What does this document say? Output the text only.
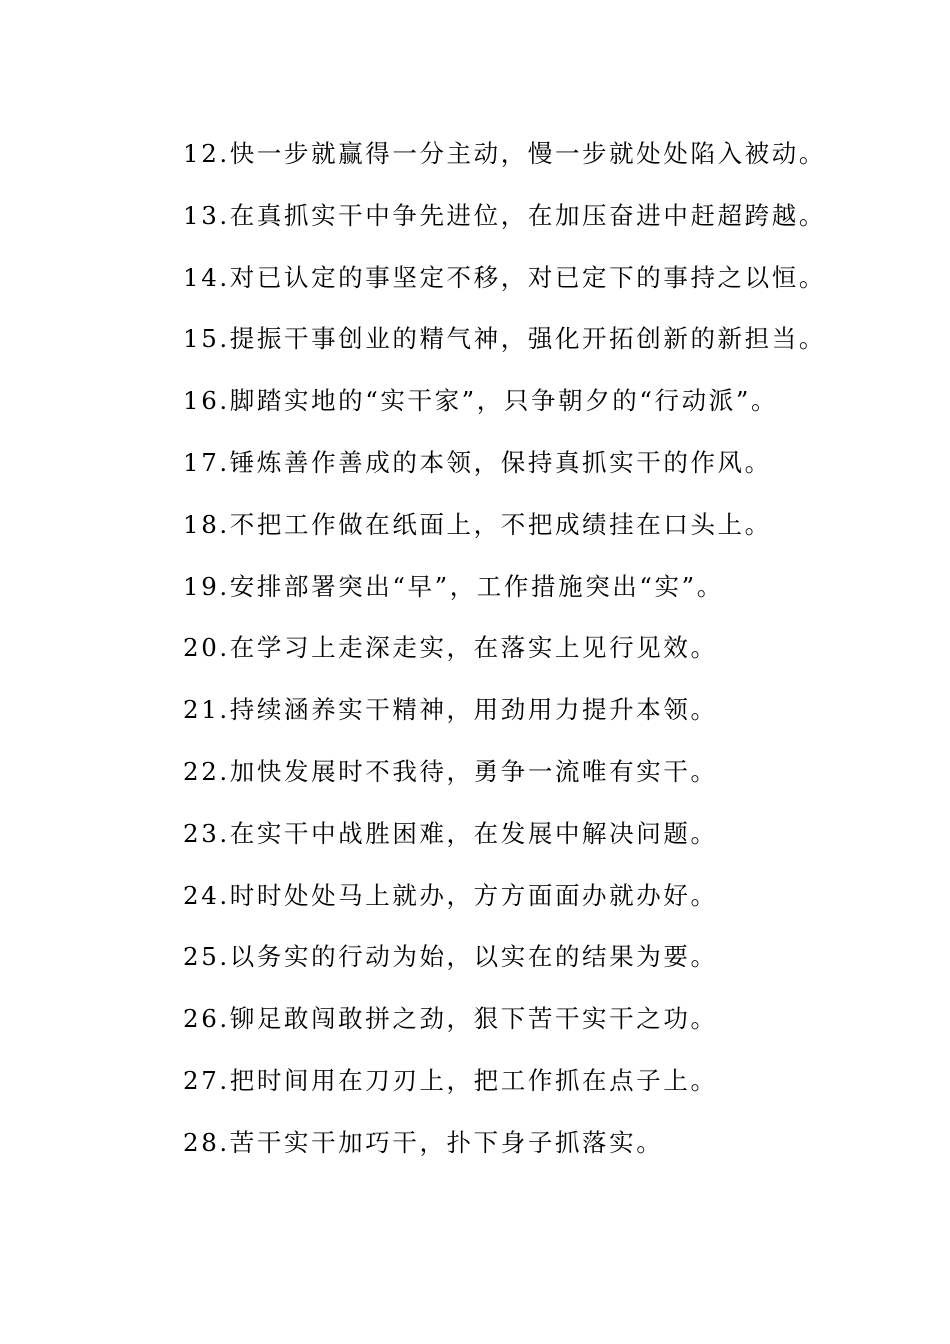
12.快一步就赢得一分主动，慢一步就处处陷入被动。
13.在真抓实干中争先进位，在加压奋进中赶超跨越。
14.对已认定的事坚定不移，对已定下的事持之以恒。
15.提振干事创业的精气神，强化开拓创新的新担当。
16.脚踏实地的“实干家”，只争朝夕的“行动派”。
17.锤炼善作善成的本领，保持真抓实干的作风。
18.不把工作做在纸面上，不把成绩挂在口头上。
19.安排部署突出“早”，工作措施突出“实”。
20.在学习上走深走实，在落实上见行见效。
21.持续涵养实干精神，用劲用力提升本领。
22.加快发展时不我待，勇争一流唯有实干。
23.在实干中战胜困难，在发展中解决问题。
24.时时处处马上就办，方方面面办就办好。
25.以务实的行动为始，以实在的结果为要。
26.铆足敢闯敢拼之劲，狠下苦干实干之功。
27.把时间用在刀刃上，把工作抓在点子上。
28.苦干实干加巧干，扑下身子抓落实。
